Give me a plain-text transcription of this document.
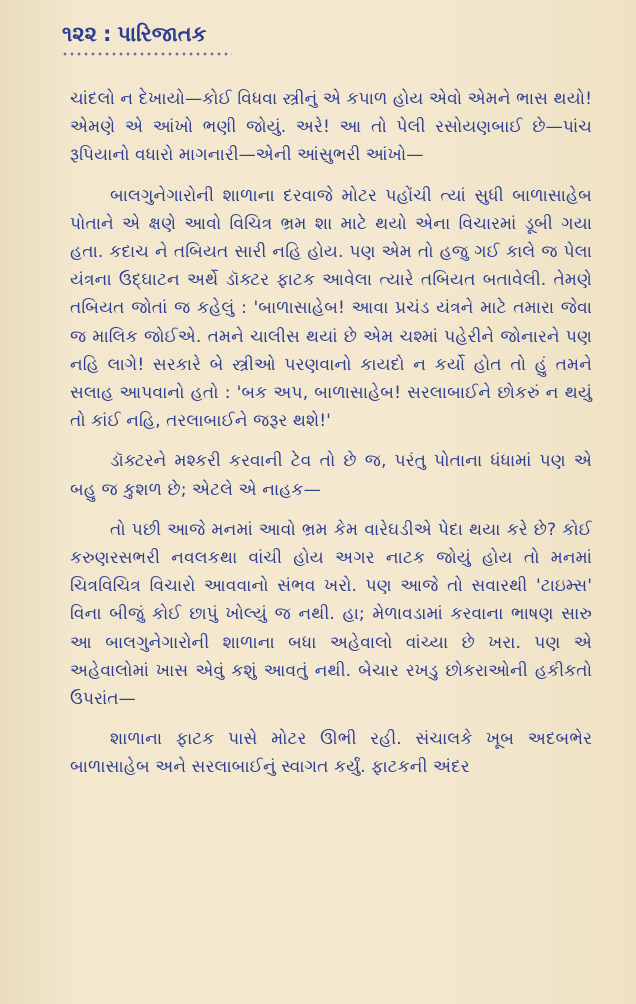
૧૨૨ : પારિજાતક

ચાંદલો ન દેખાયો—કોઈ વિધવા સ્ત્રીનું એ કપાળ હોય એવો એમને ભાસ થયો! એમણે એ આંખો ભણી જોયું. અરે! આ તો પેલી રસોયણબાઈ છે—પાંચ રૂપિયાનો વધારો માગનારી—એની આંસુભરી આંખો—

બાલગુનેગારોની શાળાના દરવાજે મોટર પહોંચી ત્યાં સુધી બાળાસાહેબ પોતાને એ ક્ષણે આવો વિચિત્ર ભ્રમ શા માટે થયો એના વિચારમાં ડૂબી ગયા હતા. કદાચ ને તબિયત સારી નહિ હોય. પણ એમ તો હજુ ગઈ કાલે જ પેલા યંત્રના ઉદ્ઘાટન અર્થે ડૉક્ટર ફાટક આવેલા ત્યારે તબિયત બતાવેલી. તેમણે તબિયત જોતાં જ કહેલું : 'બાળાસાહેબ! આવા પ્રચંડ યંત્રને માટે તમારા જેવા જ માલિક જોઈએ. તમને ચાલીસ થયાં છે એમ ચશ્માં પહેરીને જોનારને પણ નહિ લાગે! સરકારે બે સ્ત્રીઓ પરણવાનો કાયદો ન કર્યો હોત તો હું તમને સલાહ આપવાનો હતો : 'બક અપ, બાળાસાહેબ! સરલાબાઈને છોકરું ન થયું તો કાંઈ નહિ, તરલાબાઈને જરૂર થશે!'

ડૉક્ટરને મશ્કરી કરવાની ટેવ તો છે જ, પરંતુ પોતાના ધંધામાં પણ એ બહુ જ કુશળ છે; એટલે એ નાહક—

તો પછી આજે મનમાં આવો ભ્રમ કેમ વારેઘડીએ પેદા થયા કરે છે? કોઈ કરુણરસભરી નવલકથા વાંચી હોય અગર નાટક જોયું હોય તો મનમાં ચિત્રવિચિત્ર વિચારો આવવાનો સંભવ ખરો. પણ આજે તો સવારથી 'ટાઇમ્સ' વિના બીજું કોઈ છાપું ખોલ્યું જ નથી. હા; મેળાવડામાં કરવાના ભાષણ સારુ આ બાલગુનેગારોની શાળાના બધા અહેવાલો વાંચ્યા છે ખરા. પણ એ અહેવાલોમાં ખાસ એવું કશું આવતું નથી. બેચાર રખડુ છોકરાઓની હકીકતો ઉપરાંત—

શાળાના ફાટક પાસે મોટર ઊભી રહી. સંચાલકે ખૂબ અદબભેર બાળાસાહેબ અને સરલાબાઈનું સ્વાગત કર્યું. ફાટકની અંદર
